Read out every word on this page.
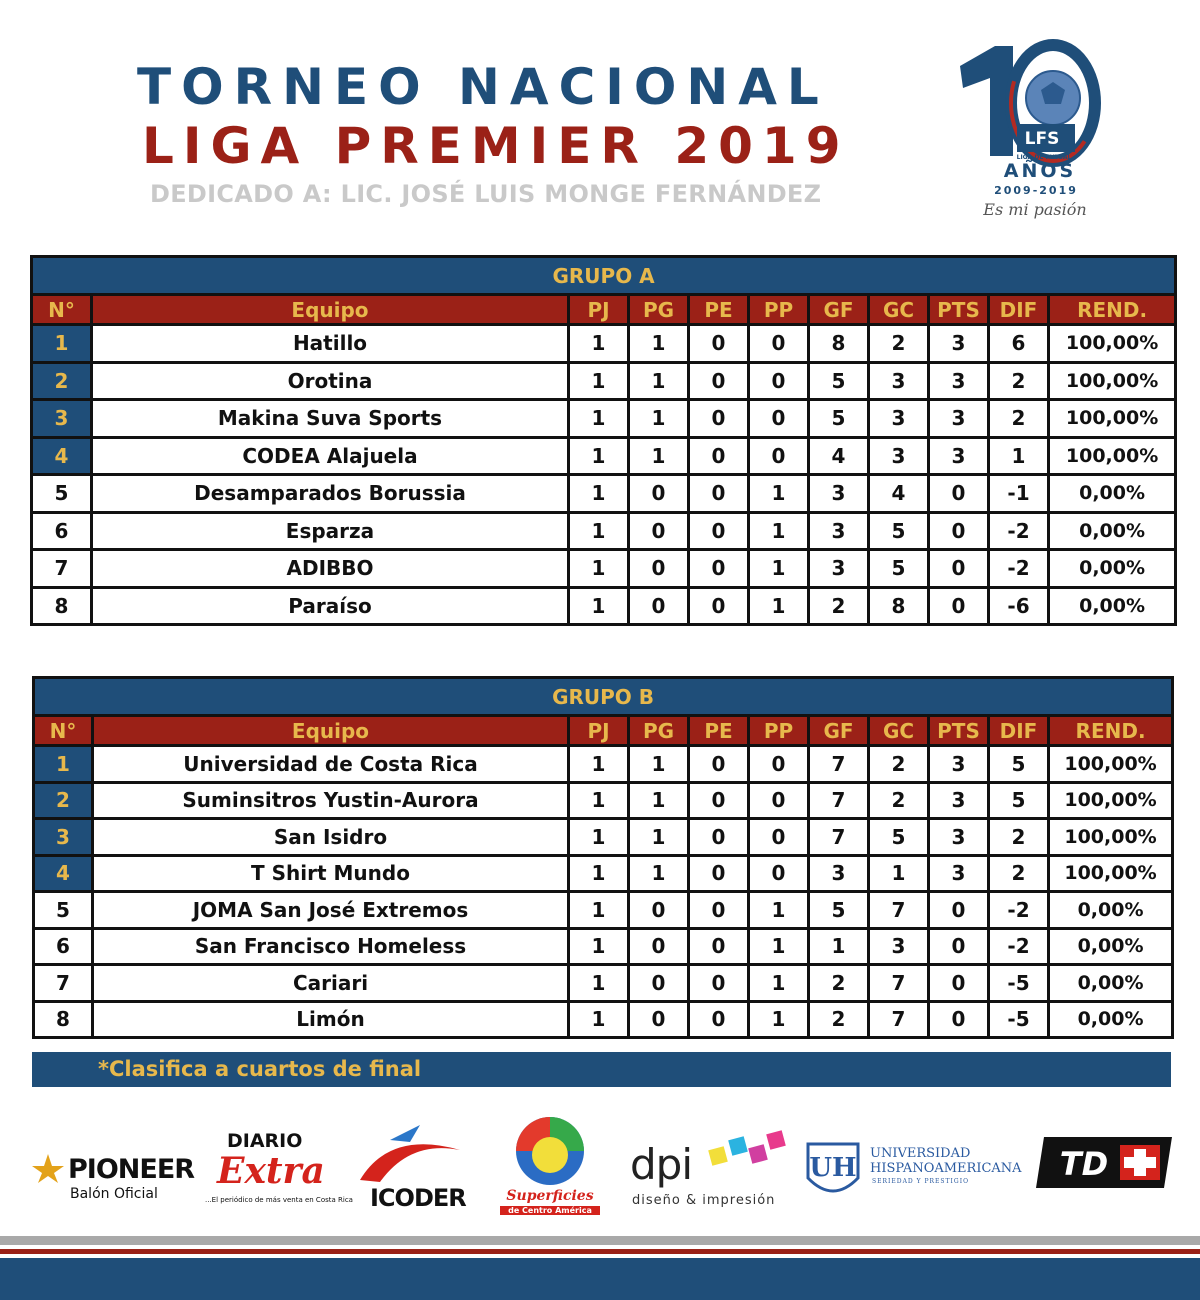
TORNEO NACIONAL
LIGA PREMIER 2019
DEDICADO A: LIC. JOSÉ LUIS MONGE FERNÁNDEZ
LFS
LIGA DE FUTSAL
AÑOS
2009-2019
Es mi pasión
GRUPO A										
N°	Equipo	PJ	PG	PE	PP	GF	GC	PTS	DIF	REND.
1	Hatillo	1	1	0	0	8	2	3	6	100,00%
2	Orotina	1	1	0	0	5	3	3	2	100,00%
3	Makina Suva Sports	1	1	0	0	5	3	3	2	100,00%
4	CODEA Alajuela	1	1	0	0	4	3	3	1	100,00%
5	Desamparados Borussia	1	0	0	1	3	4	0	-1	0,00%
6	Esparza	1	0	0	1	3	5	0	-2	0,00%
7	ADIBBO	1	0	0	1	3	5	0	-2	0,00%
8	Paraíso	1	0	0	1	2	8	0	-6	0,00%
GRUPO B										
N°	Equipo	PJ	PG	PE	PP	GF	GC	PTS	DIF	REND.
1	Universidad de Costa Rica	1	1	0	0	7	2	3	5	100,00%
2	Suminsitros Yustin-Aurora	1	1	0	0	7	2	3	5	100,00%
3	San Isidro	1	1	0	0	7	5	3	2	100,00%
4	T Shirt Mundo	1	1	0	0	3	1	3	2	100,00%
5	JOMA San José Extremos	1	0	0	1	5	7	0	-2	0,00%
6	San Francisco Homeless	1	0	0	1	1	3	0	-2	0,00%
7	Cariari	1	0	0	1	2	7	0	-5	0,00%
8	Limón	1	0	0	1	2	7	0	-5	0,00%
*Clasifica a cuartos de final
PIONEER
Balón Oficial
DIARIO
Extra
...El periódico de más venta en Costa Rica ICODER	Superficies
de Centro América
dpi
diseño & impresión
UH UNIVERSIDAD
HISPANOAMERICANA
SERIEDAD Y PRESTIGIO	TD
